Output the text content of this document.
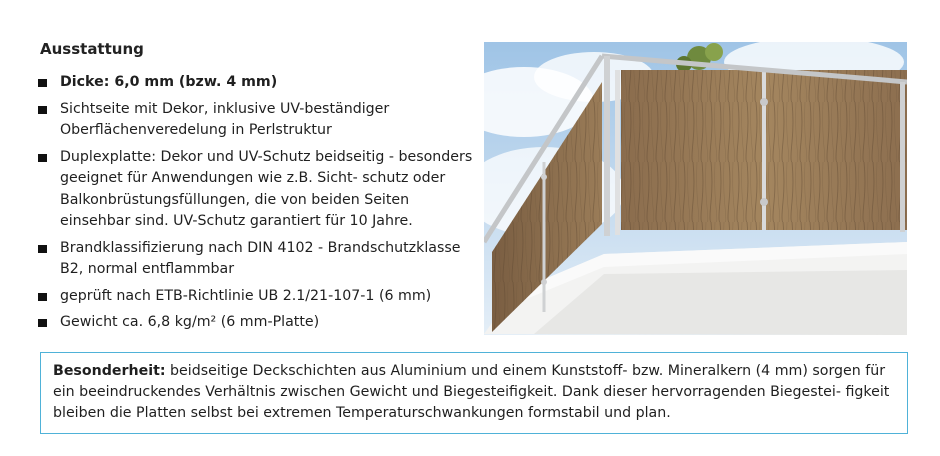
Ausstattung
Dicke: 6,0 mm (bzw. 4 mm)
Sichtseite mit Dekor, inklusive UV-beständiger Oberflächenveredelung in Perlstruktur
Duplexplatte: Dekor und UV-Schutz beidseitig - besonders geeignet für Anwendungen wie z.B. Sicht- schutz oder Balkonbrüstungsfüllungen, die von beiden Seiten einsehbar sind. UV-Schutz garantiert für 10 Jahre.
Brandklassifizierung nach DIN 4102 - Brandschutzklasse B2, normal entflammbar
geprüft nach ETB-Richtlinie UB 2.1/21-107-1 (6 mm)
Gewicht ca. 6,8 kg/m² (6 mm-Platte)
Besonderheit: beidseitige Deckschichten aus Aluminium und einem Kunststoff- bzw. Mineralkern (4 mm) sorgen für ein beeindruckendes Verhältnis zwischen Gewicht und Biegesteifigkeit. Dank dieser hervorragenden Biegestei- figkeit bleiben die Platten selbst bei extremen Temperaturschwankungen formstabil und plan.
